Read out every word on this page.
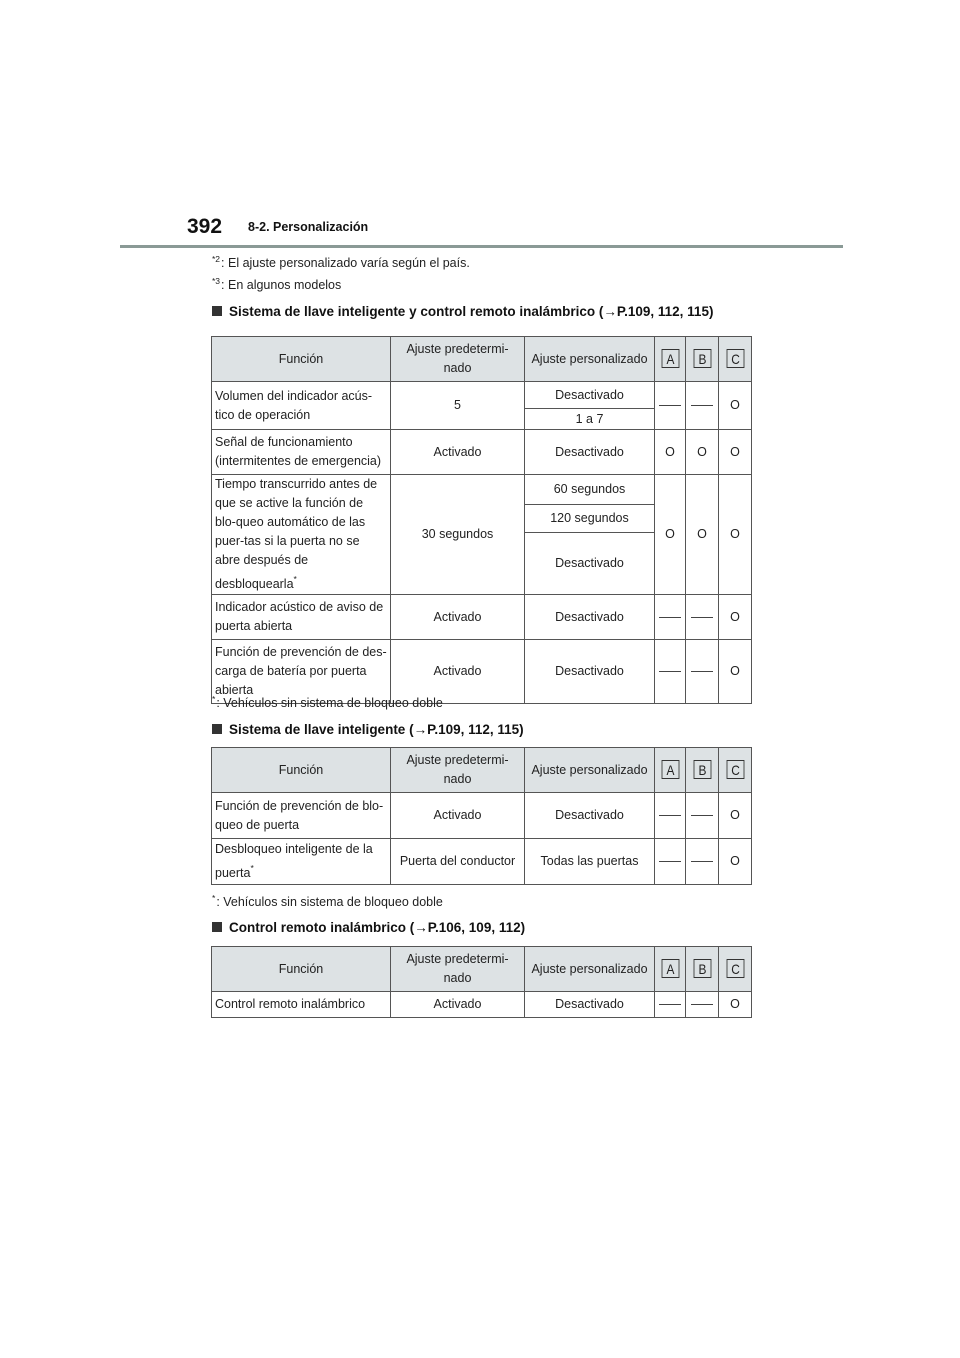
392 8-2. Personalización
$^{*2}$: El ajuste personalizado varía según el país.
$^{*3}$: En algunos modelos
Sistema de llave inteligente y control remoto inalámbrico (→P.109, 112, 115)
Función	Ajuste predetermi-nado	Ajuste personalizado	A	B	C
Volumen del indicador acús-tico de operación	5	Desactivado			O
		1 a 7			
Señal de funcionamiento (intermitentes de emergencia)	Activado	Desactivado	O	O	O
Tiempo transcurrido antes de que se active la función de blo-queo automático de las puer-tas si la puerta no se abre después de desbloquearla*	30 segundos	60 segundos	O	O	O
		120 segundos			
		Desactivado			
Indicador acústico de aviso de puerta abierta	Activado	Desactivado			O
Función de prevención de des-carga de batería por puerta abierta	Activado	Desactivado			O
*: Vehículos sin sistema de bloqueo doble
Sistema de llave inteligente (→P.109, 112, 115)
Función	Ajuste predetermi-nado	Ajuste personalizado	A	B	C
Función de prevención de blo-queo de puerta	Activado	Desactivado			O
Desbloqueo inteligente de la puerta*	Puerta del conductor	Todas las puertas			O
*: Vehículos sin sistema de bloqueo doble
Control remoto inalámbrico (→P.106, 109, 112)
Función	Ajuste predetermi-nado	Ajuste personalizado	A	B	C
Control remoto inalámbrico	Activado	Desactivado			O
